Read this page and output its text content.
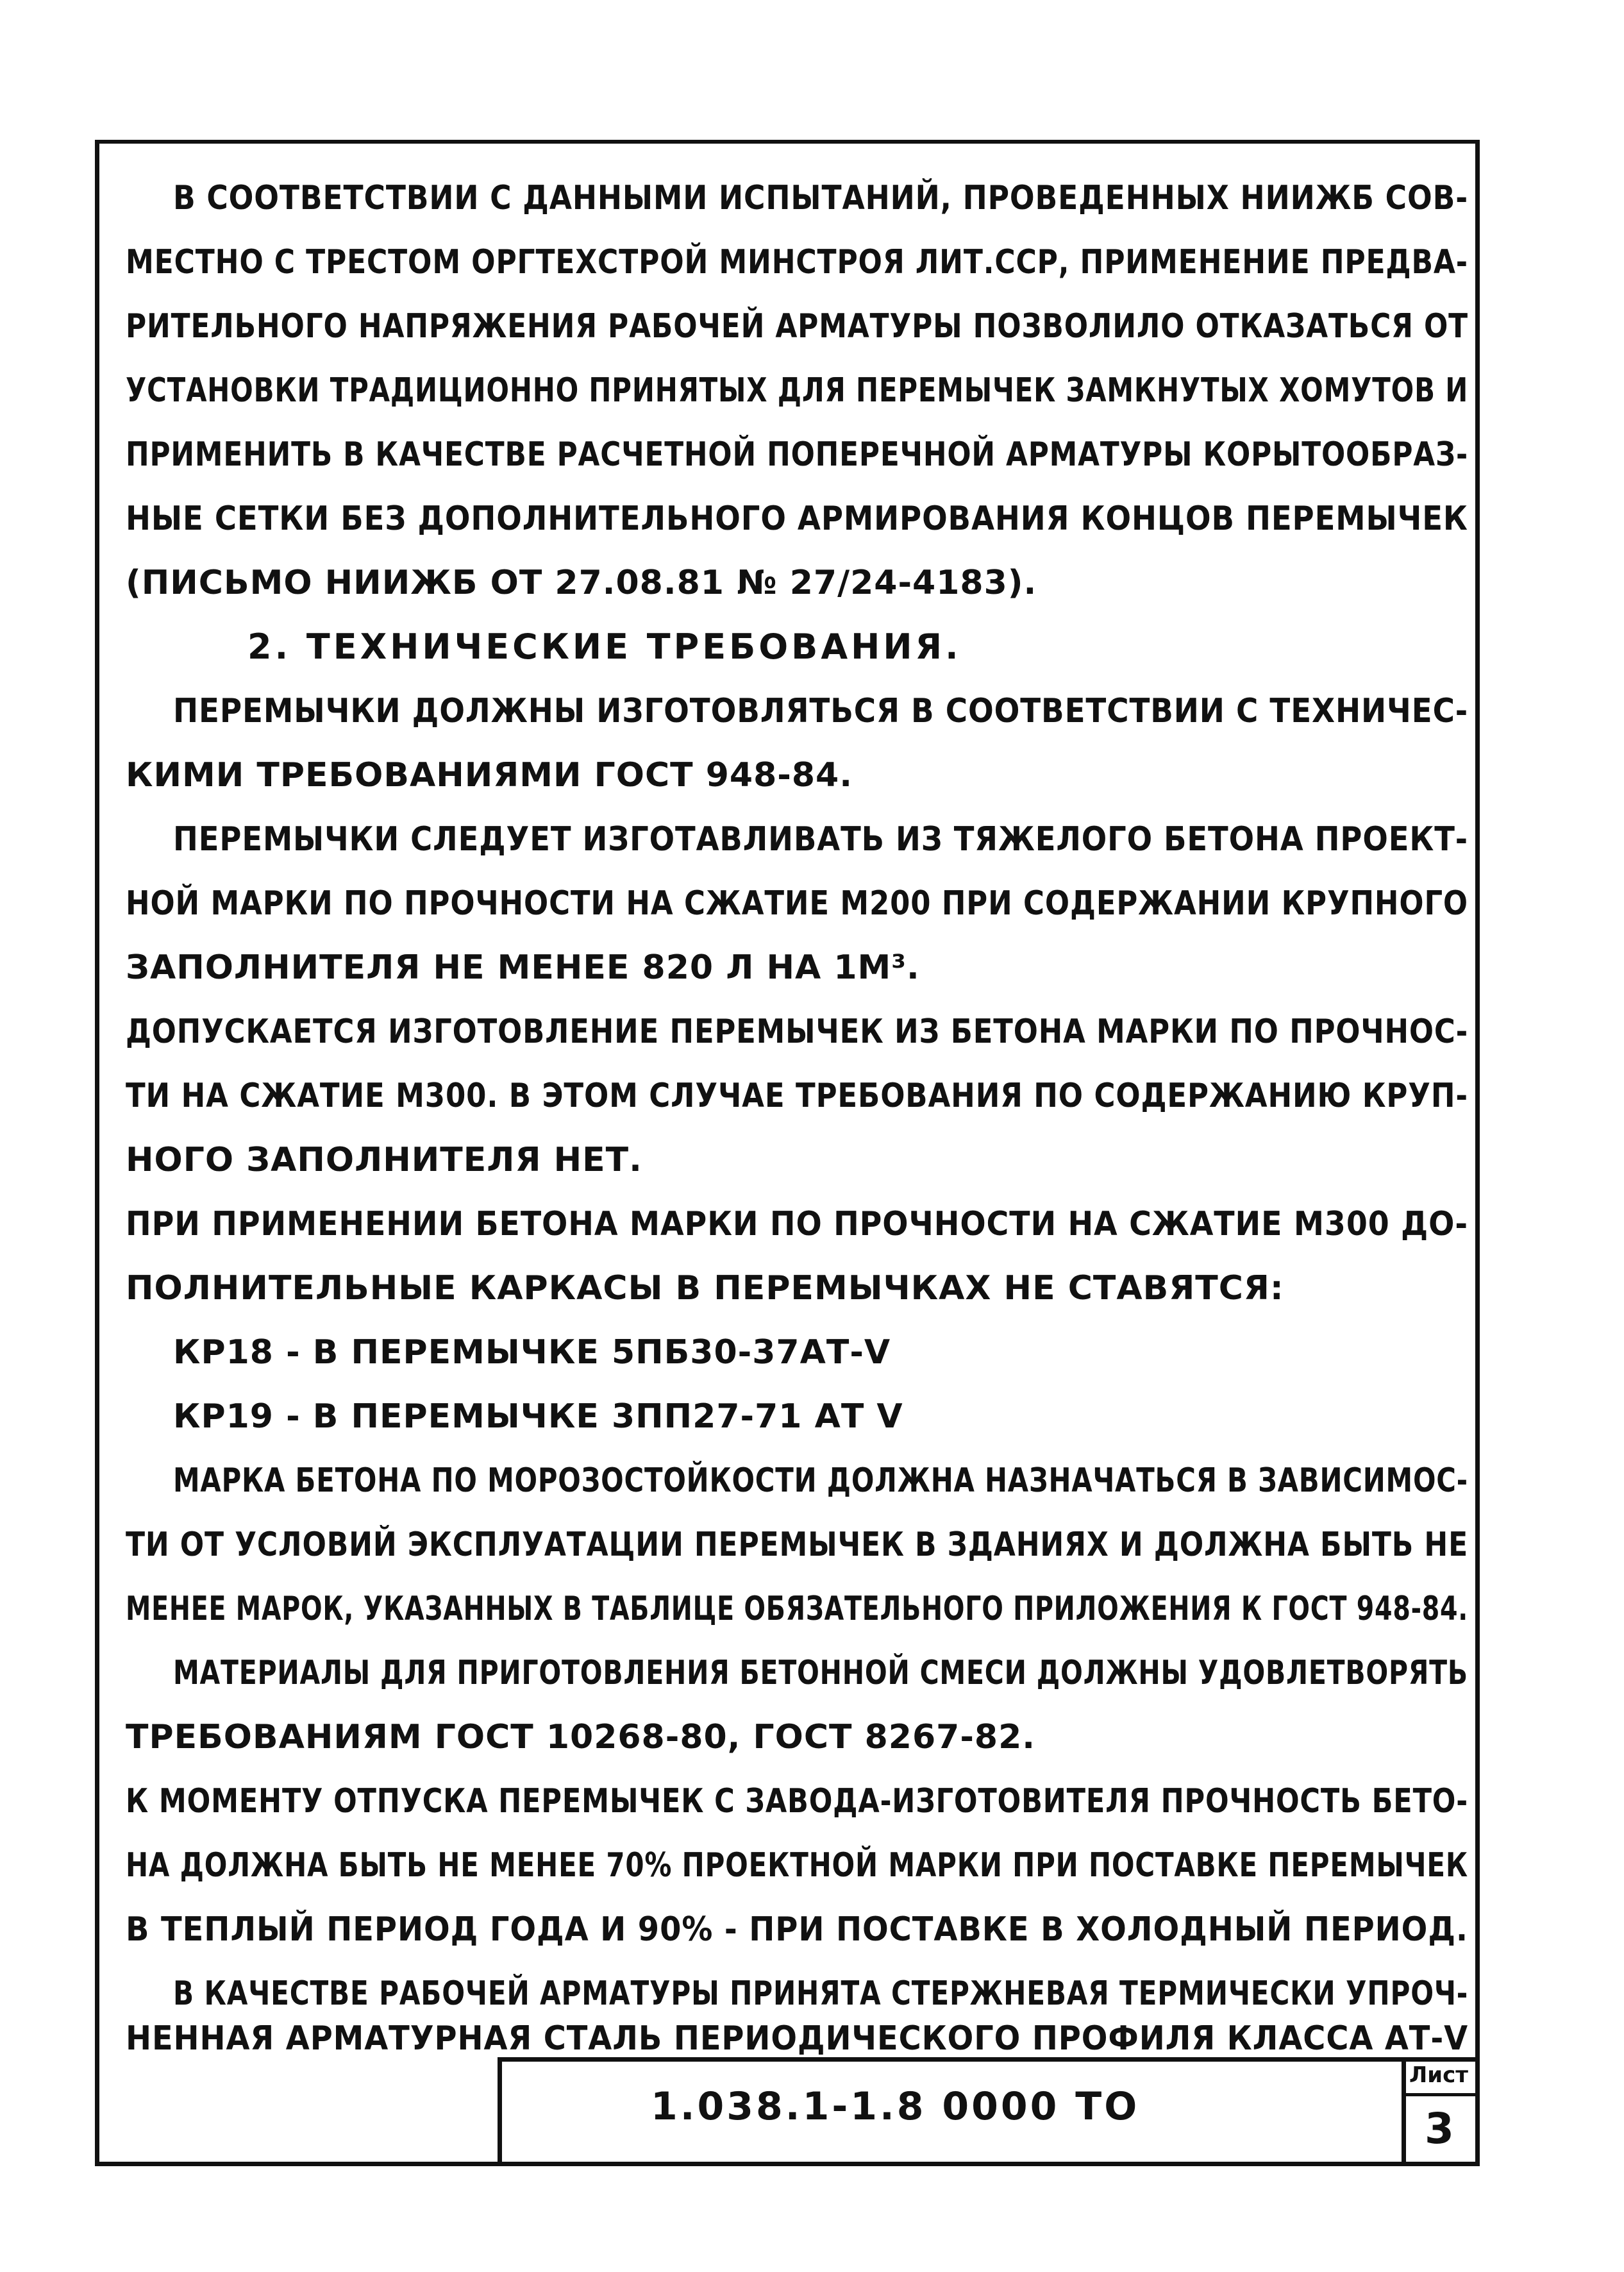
В СООТВЕТСТВИИ С ДАННЫМИ ИСПЫТАНИЙ, ПРОВЕДЕННЫХ НИИЖБ СОВ-
МЕСТНО С ТРЕСТОМ ОРГТЕХСТРОЙ МИНСТРОЯ ЛИТ.ССР, ПРИМЕНЕНИЕ ПРЕДВА-
РИТЕЛЬНОГО НАПРЯЖЕНИЯ РАБОЧЕЙ АРМАТУРЫ ПОЗВОЛИЛО ОТКАЗАТЬСЯ ОТ
УСТАНОВКИ ТРАДИЦИОННО ПРИНЯТЫХ ДЛЯ ПЕРЕМЫЧЕК ЗАМКНУТЫХ ХОМУТОВ И
ПРИМЕНИТЬ В КАЧЕСТВЕ РАСЧЕТНОЙ ПОПЕРЕЧНОЙ АРМАТУРЫ КОРЫТООБРАЗ-
НЫЕ СЕТКИ БЕЗ ДОПОЛНИТЕЛЬНОГО АРМИРОВАНИЯ КОНЦОВ ПЕРЕМЫЧЕК
(ПИСЬМО НИИЖБ ОТ 27.08.81 № 27/24-4183).
2. ТЕХНИЧЕСКИЕ ТРЕБОВАНИЯ.
ПЕРЕМЫЧКИ ДОЛЖНЫ ИЗГОТОВЛЯТЬСЯ В СООТВЕТСТВИИ С ТЕХНИЧЕС-
КИМИ ТРЕБОВАНИЯМИ ГОСТ 948-84.
ПЕРЕМЫЧКИ СЛЕДУЕТ ИЗГОТАВЛИВАТЬ ИЗ ТЯЖЕЛОГО БЕТОНА ПРОЕКТ-
НОЙ МАРКИ ПО ПРОЧНОСТИ НА СЖАТИЕ М200 ПРИ СОДЕРЖАНИИ КРУПНОГО
ЗАПОЛНИТЕЛЯ НЕ МЕНЕЕ 820 Л НА 1М³.
ДОПУСКАЕТСЯ ИЗГОТОВЛЕНИЕ ПЕРЕМЫЧЕК ИЗ БЕТОНА МАРКИ ПО ПРОЧНОС-
ТИ НА СЖАТИЕ М300. В ЭТОМ СЛУЧАЕ ТРЕБОВАНИЯ ПО СОДЕРЖАНИЮ КРУП-
НОГО ЗАПОЛНИТЕЛЯ НЕТ.
ПРИ ПРИМЕНЕНИИ БЕТОНА МАРКИ ПО ПРОЧНОСТИ НА СЖАТИЕ М300 ДО-
ПОЛНИТЕЛЬНЫЕ КАРКАСЫ В ПЕРЕМЫЧКАХ НЕ СТАВЯТСЯ:
КР18 - В ПЕРЕМЫЧКЕ 5ПБ30-37АТ-V
КР19 - В ПЕРЕМЫЧКЕ 3ПП27-71 АТ V
МАРКА БЕТОНА ПО МОРОЗОСТОЙКОСТИ ДОЛЖНА НАЗНАЧАТЬСЯ В ЗАВИСИМОС-
ТИ ОТ УСЛОВИЙ ЭКСПЛУАТАЦИИ ПЕРЕМЫЧЕК В ЗДАНИЯХ И ДОЛЖНА БЫТЬ НЕ
МЕНЕЕ МАРОК, УКАЗАННЫХ В ТАБЛИЦЕ ОБЯЗАТЕЛЬНОГО ПРИЛОЖЕНИЯ К ГОСТ 948-84.
МАТЕРИАЛЫ ДЛЯ ПРИГОТОВЛЕНИЯ БЕТОННОЙ СМЕСИ ДОЛЖНЫ УДОВЛЕТВОРЯТЬ
ТРЕБОВАНИЯМ ГОСТ 10268-80, ГОСТ 8267-82.
К МОМЕНТУ ОТПУСКА ПЕРЕМЫЧЕК С ЗАВОДА-ИЗГОТОВИТЕЛЯ ПРОЧНОСТЬ БЕТО-
НА ДОЛЖНА БЫТЬ НЕ МЕНЕЕ 70% ПРОЕКТНОЙ МАРКИ ПРИ ПОСТАВКЕ ПЕРЕМЫЧЕК
В ТЕПЛЫЙ ПЕРИОД ГОДА И 90% - ПРИ ПОСТАВКЕ В ХОЛОДНЫЙ ПЕРИОД.
В КАЧЕСТВЕ РАБОЧЕЙ АРМАТУРЫ ПРИНЯТА СТЕРЖНЕВАЯ ТЕРМИЧЕСКИ УПРОЧ-
НЕННАЯ АРМАТУРНАЯ СТАЛЬ ПЕРИОДИЧЕСКОГО ПРОФИЛЯ КЛАССА АТ-V
1.038.1-1.8 0000 ТО
Лист
3
